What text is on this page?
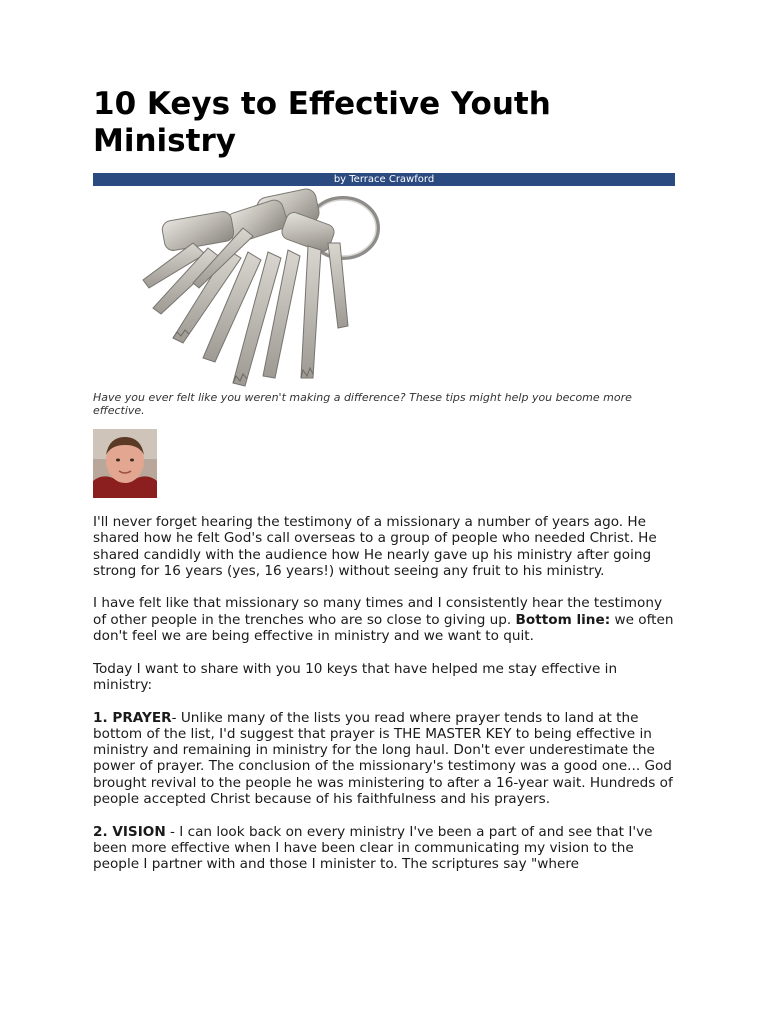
10 Keys to Effective Youth Ministry
by Terrace Crawford

Have you ever felt like you weren't making a difference? These tips might help you become more effective.

I'll never forget hearing the testimony of a missionary a number of years ago. He shared how he felt God's call overseas to a group of people who needed Christ. He shared candidly with the audience how He nearly gave up his ministry after going strong for 16 years (yes, 16 years!) without seeing any fruit to his ministry.

I have felt like that missionary so many times and I consistently hear the testimony of other people in the trenches who are so close to giving up. Bottom line: we often don't feel we are being effective in ministry and we want to quit.

Today I want to share with you 10 keys that have helped me stay effective in ministry:

1. PRAYER- Unlike many of the lists you read where prayer tends to land at the bottom of the list, I'd suggest that prayer is THE MASTER KEY to being effective in ministry and remaining in ministry for the long haul. Don't ever underestimate the power of prayer. The conclusion of the missionary's testimony was a good one... God brought revival to the people he was ministering to after a 16-year wait. Hundreds of people accepted Christ because of his faithfulness and his prayers.

2. VISION - I can look back on every ministry I've been a part of and see that I've been more effective when I have been clear in communicating my vision to the people I partner with and those I minister to. The scriptures say "where
